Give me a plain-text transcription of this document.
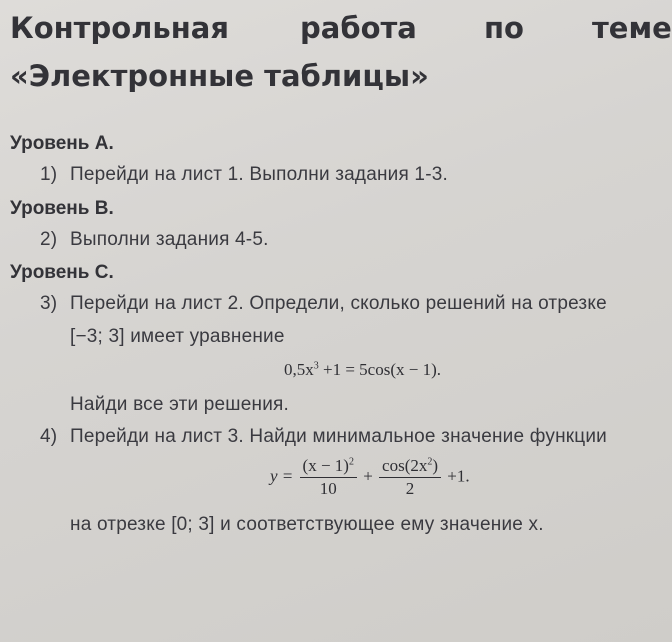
Контрольная работа по теме
«Электронные таблицы»
Уровень А.
1) Перейди на лист 1. Выполни задания 1-3.
Уровень В.
2) Выполни задания 4-5.
Уровень С.
3) Перейди на лист 2. Определи, сколько решений на отрезке
[−3; 3] имеет уравнение
$0,5x^3 +1 = 5\cos(x - 1)$.
Найди все эти решения.
4) Перейди на лист 3. Найди минимальное значение функции
$y = \frac{(x - 1)^2}{10} + \frac{\cos(2x^2)}{2} +1$.
на отрезке [0; 3] и соответствующее ему значение x.
